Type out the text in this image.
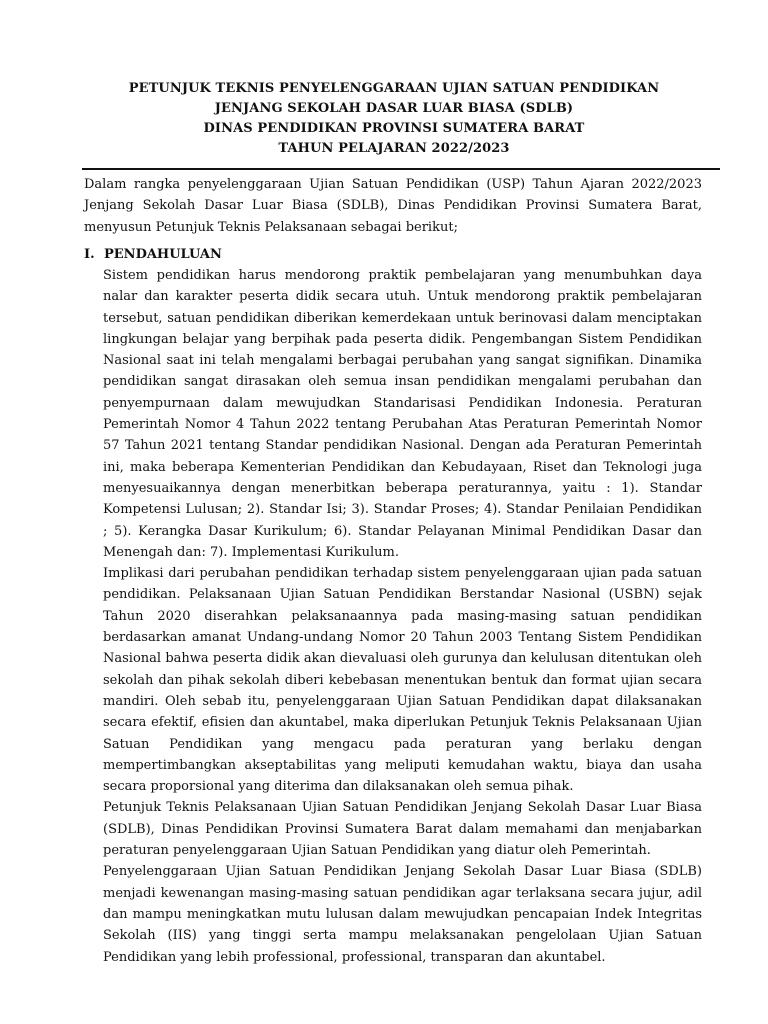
PETUNJUK TEKNIS PENYELENGGARAAN UJIAN SATUAN PENDIDIKAN
JENJANG SEKOLAH DASAR LUAR BIASA (SDLB)
DINAS PENDIDIKAN PROVINSI SUMATERA BARAT
TAHUN PELAJARAN 2022/2023
Dalam rangka penyelenggaraan Ujian Satuan Pendidikan (USP) Tahun Ajaran 2022/2023 Jenjang Sekolah Dasar Luar Biasa (SDLB), Dinas Pendidikan Provinsi Sumatera Barat, menyusun Petunjuk Teknis Pelaksanaan sebagai berikut;
I. PENDAHULUAN

Sistem pendidikan harus mendorong praktik pembelajaran yang menumbuhkan daya nalar dan karakter peserta didik secara utuh. Untuk mendorong praktik pembelajaran tersebut, satuan pendidikan diberikan kemerdekaan untuk berinovasi dalam menciptakan lingkungan belajar yang berpihak pada peserta didik. Pengembangan Sistem Pendidikan Nasional saat ini telah mengalami berbagai perubahan yang sangat signifikan. Dinamika pendidikan sangat dirasakan oleh semua insan pendidikan mengalami perubahan dan penyempurnaan dalam mewujudkan Standarisasi Pendidikan Indonesia. Peraturan Pemerintah Nomor 4 Tahun 2022 tentang Perubahan Atas Peraturan Pemerintah Nomor 57 Tahun 2021 tentang Standar pendidikan Nasional. Dengan ada Peraturan Pemerintah ini, maka beberapa Kementerian Pendidikan dan Kebudayaan, Riset dan Teknologi juga menyesuaikannya dengan menerbitkan beberapa peraturannya, yaitu : 1). Standar Kompetensi Lulusan; 2). Standar Isi; 3). Standar Proses; 4). Standar Penilaian Pendidikan ; 5). Kerangka Dasar Kurikulum; 6). Standar Pelayanan Minimal Pendidikan Dasar dan Menengah dan: 7). Implementasi Kurikulum.

Implikasi dari perubahan pendidikan terhadap sistem penyelenggaraan ujian pada satuan pendidikan. Pelaksanaan Ujian Satuan Pendidikan Berstandar Nasional (USBN) sejak Tahun 2020 diserahkan pelaksanaannya pada masing-masing satuan pendidikan berdasarkan amanat Undang-undang Nomor 20 Tahun 2003 Tentang Sistem Pendidikan Nasional bahwa peserta didik akan dievaluasi oleh gurunya dan kelulusan ditentukan oleh sekolah dan pihak sekolah diberi kebebasan menentukan bentuk dan format ujian secara mandiri. Oleh sebab itu, penyelenggaraan Ujian Satuan Pendidikan dapat dilaksanakan secara efektif, efisien dan akuntabel, maka diperlukan Petunjuk Teknis Pelaksanaan Ujian Satuan Pendidikan yang mengacu pada peraturan yang berlaku dengan mempertimbangkan akseptabilitas yang meliputi kemudahan waktu, biaya dan usaha secara proporsional yang diterima dan dilaksanakan oleh semua pihak.

Petunjuk Teknis Pelaksanaan Ujian Satuan Pendidikan Jenjang Sekolah Dasar Luar Biasa (SDLB), Dinas Pendidikan Provinsi Sumatera Barat dalam memahami dan menjabarkan peraturan penyelenggaraan Ujian Satuan Pendidikan yang diatur oleh Pemerintah.

Penyelenggaraan Ujian Satuan Pendidikan Jenjang Sekolah Dasar Luar Biasa (SDLB) menjadi kewenangan masing-masing satuan pendidikan agar terlaksana secara jujur, adil dan mampu meningkatkan mutu lulusan dalam mewujudkan pencapaian Indek Integritas Sekolah (IIS) yang tinggi serta mampu melaksanakan pengelolaan Ujian Satuan Pendidikan yang lebih professional, professional, transparan dan akuntabel.
